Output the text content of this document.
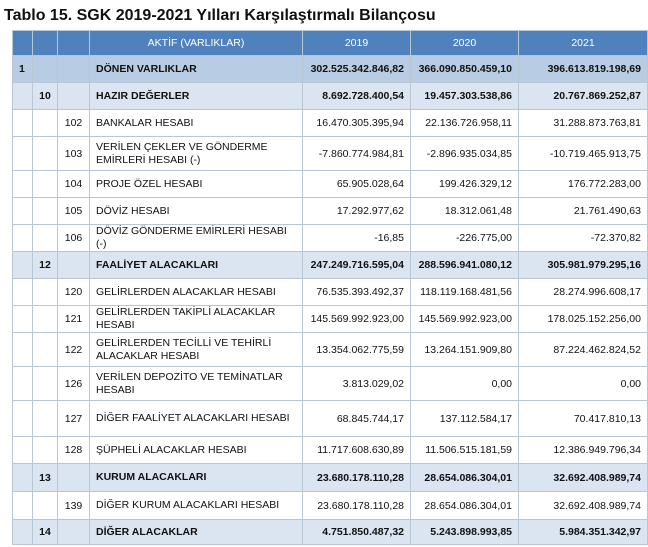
Tablo 15. SGK 2019-2021 Yılları Karşılaştırmalı Bilançosu
			AKTİF (VARLIKLAR)	2019	2020	2021
1			DÖNEN VARLIKLAR	302.525.342.846,82	366.090.850.459,10	396.613.819.198,69
	10		HAZIR DEĞERLER	8.692.728.400,54	19.457.303.538,86	20.767.869.252,87
		102	BANKALAR HESABI	16.470.305.395,94	22.136.726.958,11	31.288.873.763,81
		103	VERİLEN ÇEKLER VE GÖNDERME EMİRLERİ HESABI (-)	-7.860.774.984,81	-2.896.935.034,85	-10.719.465.913,75
		104	PROJE ÖZEL HESABI	65.905.028,64	199.426.329,12	176.772.283,00
		105	DÖVİZ HESABI	17.292.977,62	18.312.061,48	21.761.490,63
		106	DÖVİZ GÖNDERME EMİRLERİ HESABI (-)	-16,85	-226.775,00	-72.370,82
	12		FAALİYET ALACAKLARI	247.249.716.595,04	288.596.941.080,12	305.981.979.295,16
		120	GELİRLERDEN ALACAKLAR HESABI	76.535.393.492,37	118.119.168.481,56	28.274.996.608,17
		121	GELİRLERDEN TAKİPLİ ALACAKLAR HESABI	145.569.992.923,00	145.569.992.923,00	178.025.152.256,00
		122	GELİRLERDEN TECİLLİ VE TEHİRLİ ALACAKLAR HESABI	13.354.062.775,59	13.264.151.909,80	87.224.462.824,52
		126	VERİLEN DEPOZİTO VE TEMİNATLAR HESABI	3.813.029,02	0,00	0,00
		127	DİĞER FAALİYET ALACAKLARI HESABI	68.845.744,17	137.112.584,17	70.417.810,13
		128	ŞÜPHELİ ALACAKLAR HESABI	11.717.608.630,89	11.506.515.181,59	12.386.949.796,34
	13		KURUM ALACAKLARI	23.680.178.110,28	28.654.086.304,01	32.692.408.989,74
		139	DİĞER KURUM ALACAKLARI HESABI	23.680.178.110,28	28.654.086.304,01	32.692.408.989,74
	14		DİĞER ALACAKLAR	4.751.850.487,32	5.243.898.993,85	5.984.351.342,97
